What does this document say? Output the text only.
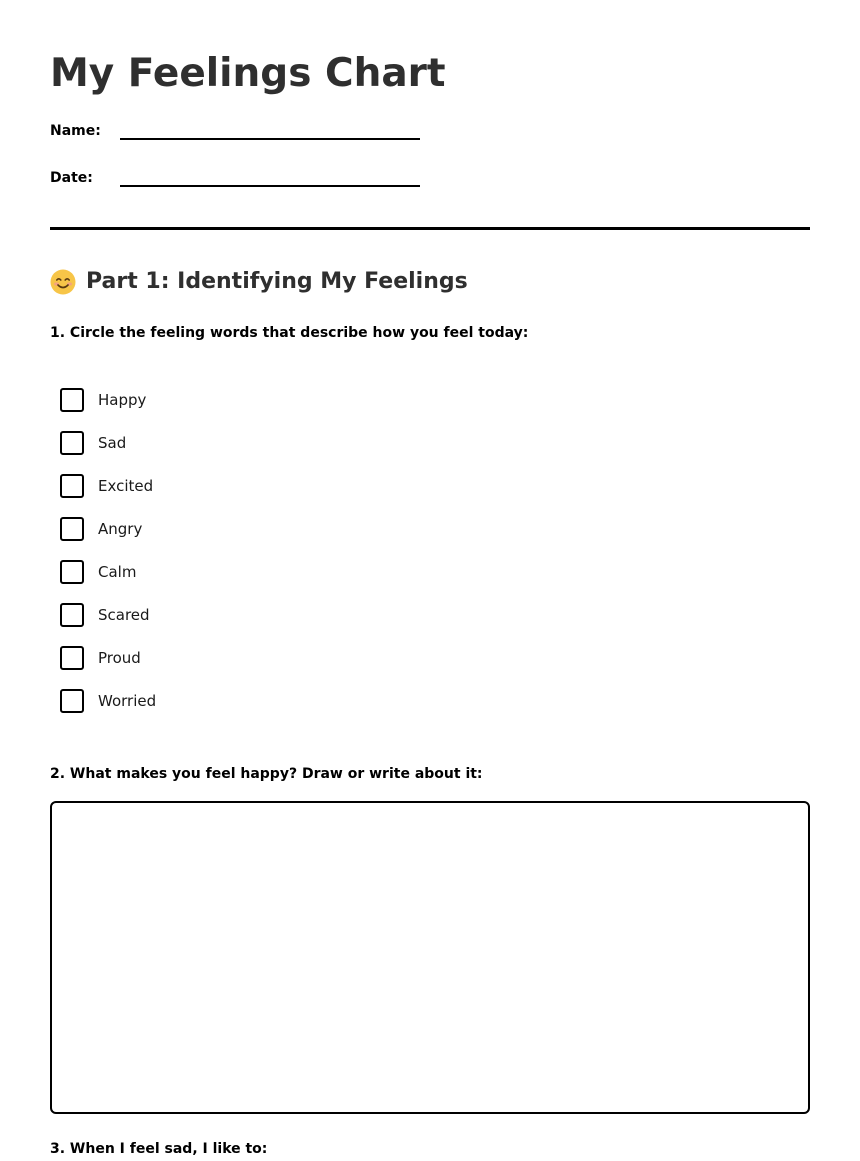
My Feelings Chart
Name:
Date:
Part 1: Identifying My Feelings
1. Circle the feeling words that describe how you feel today:
Happy
Sad
Excited
Angry
Calm
Scared
Proud
Worried
2. What makes you feel happy? Draw or write about it:
3. When I feel sad, I like to:
